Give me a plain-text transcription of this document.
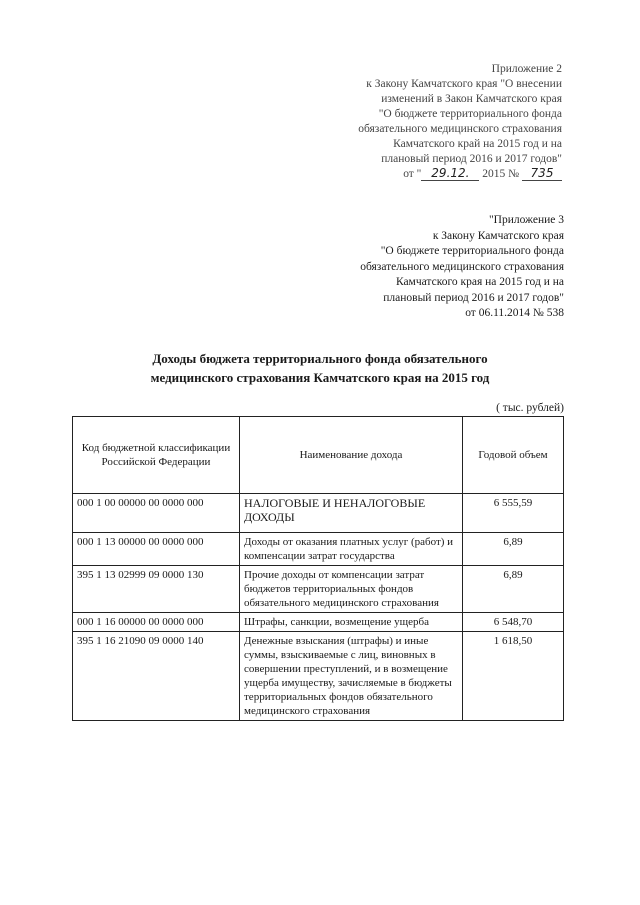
Приложение 2
к Закону Камчатского края "О внесении
изменений в Закон Камчатского края
"О бюджете территориального фонда
обязательного медицинского страхования
Камчатского край на 2015 год и на
плановый период 2016 и 2017 годов"
от " 29.12. 2015 № 735
"Приложение 3
к Закону Камчатского края
"О бюджете территориального фонда
обязательного медицинского страхования
Камчатского края на 2015 год и на
плановый период 2016 и 2017 годов"
от 06.11.2014 № 538
Доходы бюджета территориального фонда обязательного
медицинского страхования Камчатского края на 2015 год
( тыс. рублей)
Код бюджетной классификации Российской Федерации	Наименование дохода	Годовой объем
000 1 00 00000 00 0000 000	НАЛОГОВЫЕ И НЕНАЛОГОВЫЕ ДОХОДЫ	6 555,59
000 1 13 00000 00 0000 000	Доходы от оказания платных услуг (работ) и компенсации затрат государства	6,89
395 1 13 02999 09 0000 130	Прочие доходы от компенсации затрат бюджетов территориальных фондов обязательного медицинского страхования	6,89
000 1 16 00000 00 0000 000	Штрафы, санкции, возмещение ущерба	6 548,70
395 1 16 21090 09 0000 140	Денежные взыскания (штрафы) и иные суммы, взыскиваемые с лиц, виновных в совершении преступлений, и в возмещение ущерба имуществу, зачисляемые в бюджеты территориальных фондов обязательного медицинского страхования	1 618,50
